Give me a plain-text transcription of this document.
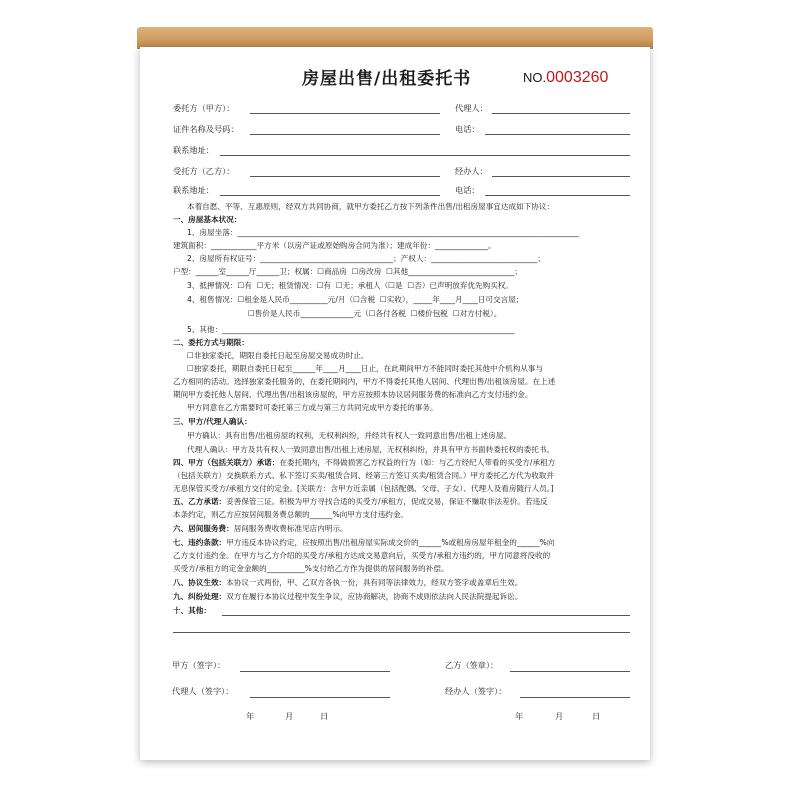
房屋出售/出租委托书	NO.0003260
委托方（甲方）：	代理人：
证件名称及号码：	电话：
联系地址：
受托方（乙方）：	经办人：
联系地址：	电话：
本着自愿、平等、互惠原则，经双方共同协商，就甲方委托乙方按下列条件出售/出租房屋事宜达成如下协议：
一、房屋基本状况：
1、房屋坐落：__________________________________________________________________________________________
建筑面积：____________平方米（以房产证或原始购房合同为准）；建成年份：______________。
2、房屋所有权证号：___________________________________；产权人：____________________________；
户型：______室______厅______卫；权属：☐商品房  ☐房改房  ☐其他____________________________；
3、抵押情况：☐有  ☐无；租赁情况：☐有  ☐无；承租人（☐是  ☐否）已声明放弃优先购买权。
4、租售情况：☐租金是人民币__________元/月（☐含税  ☐实收），_____年____月____日可交言屋；
☐售价是人民币______________元（☐各付各税  ☐楼价包税  ☐对方付税）。
5、其他：_____________________________________________________________________________
二、委托方式与期限：
☐非独家委托，期限自委托日起至房屋交易成功时止。
☐独家委托，期限自委托日起至______年____月____日止，在此期间甲方不能同时委托其他中介机构从事与
乙方相同的活动。选择独家委托服务的，在委托期间内，甲方不得委托其他人居间、代理出售/出租该房屋。在上述
期间甲方委托他人居间、代理出售/出租该房屋的，甲方应按照本协议居间服务费的标准向乙方支付违约金。
甲方同意在乙方需要时可委托第三方或与第三方共同完成甲方委托的事务。
三、甲方/代理人确认：
甲方确认：具有出售/出租房屋的权利，无权利纠纷，并经共有权人一致同意出售/出租上述房屋。
代理人确认：甲方及共有权人一致同意出售/出租上述房屋，无权利纠纷，并具有甲方书面转委托权的委托书。
四、甲方（包括关联方）承诺：在委托期内，不得做损害乙方权益的行为（如：与乙方经纪人带看的买受方/承租方
（包括关联方）交换联系方式、私下签订买卖/租赁合同、经第三方签订买卖/租赁合同。）甲方委托乙方代为收取并
无息保管买受方/承租方交付的定金。[关联方：含甲方近亲属（包括配偶、父母、子女）、代理人及看房随行人员。]
五、乙方承诺：妥善保管三证。积极为甲方寻找合适的买受方/承租方，促成交易，保证不赚取非法差价。若违反
本条约定，则乙方应按居间服务费总额的______%向甲方支付违约金。
六、居间服务费：居间服务费收费标准见店内明示。
七、违约条款：甲方违反本协议约定，应按照出售/出租房屋实际成交价的______%或租房房屋年租金的______%向
乙方支付违约金。在甲方与乙方介绍的买受方/承租方达成交易意向后，买受方/承租方违约的，甲方同意将没收的
买受方/承租方的定金金额的__________%支付给乙方作为提供的居间服务的补偿。
八、协议生效：本协议一式两份，甲、乙双方各执一份，具有同等法律效力，经双方签字或盖章后生效。
九、纠纷处理：双方在履行本协议过程中发生争议，应协商解决，协商不成则依法向人民法院提起诉讼。
十、其他：
甲方（签字）：	乙方（签章）：
代理人（签字）：	经办人（签字）：
年	月	日	年	月	日
